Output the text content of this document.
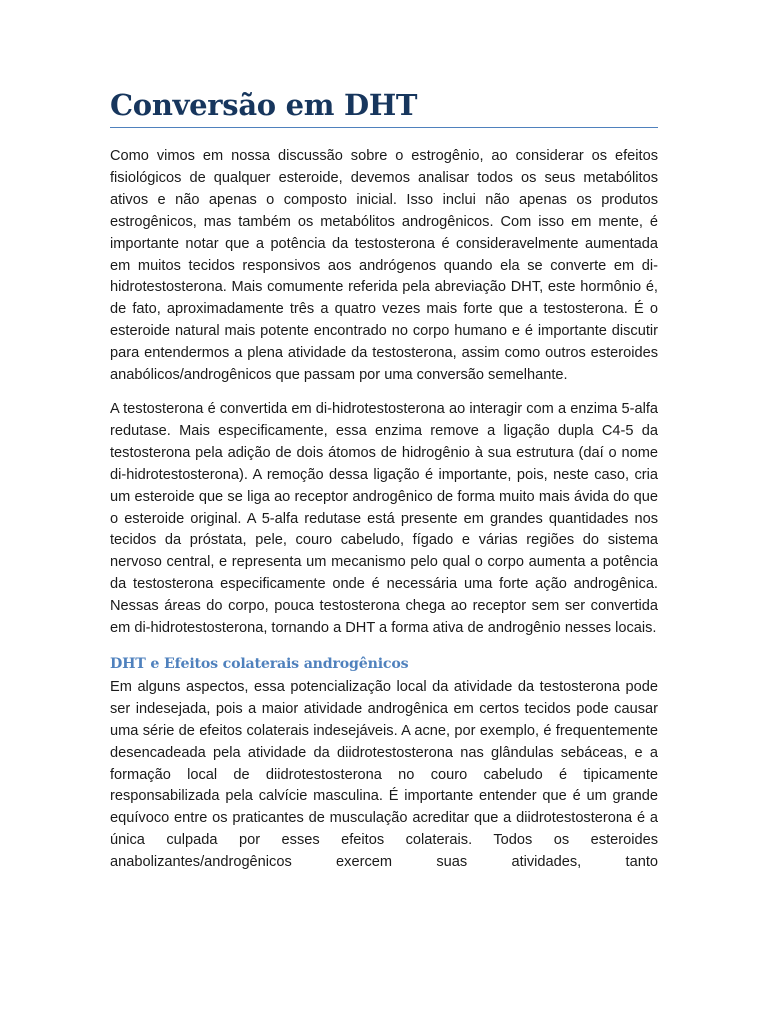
Conversão em DHT

Como vimos em nossa discussão sobre o estrogênio, ao considerar os efeitos fisiológicos de qualquer esteroide, devemos analisar todos os seus metabólitos ativos e não apenas o composto inicial. Isso inclui não apenas os produtos estrogênicos, mas também os metabólitos androgênicos. Com isso em mente, é importante notar que a potência da testosterona é consideravelmente aumentada em muitos tecidos responsivos aos andrógenos quando ela se converte em di-hidrotestosterona. Mais comumente referida pela abreviação DHT, este hormônio é, de fato, aproximadamente três a quatro vezes mais forte que a testosterona. É o esteroide natural mais potente encontrado no corpo humano e é importante discutir para entendermos a plena atividade da testosterona, assim como outros esteroides anabólicos/androgênicos que passam por uma conversão semelhante.

A testosterona é convertida em di-hidrotestosterona ao interagir com a enzima 5-alfa redutase. Mais especificamente, essa enzima remove a ligação dupla C4-5 da testosterona pela adição de dois átomos de hidrogênio à sua estrutura (daí o nome di-hidrotestosterona). A remoção dessa ligação é importante, pois, neste caso, cria um esteroide que se liga ao receptor androgênico de forma muito mais ávida do que o esteroide original. A 5-alfa redutase está presente em grandes quantidades nos tecidos da próstata, pele, couro cabeludo, fígado e várias regiões do sistema nervoso central, e representa um mecanismo pelo qual o corpo aumenta a potência da testosterona especificamente onde é necessária uma forte ação androgênica. Nessas áreas do corpo, pouca testosterona chega ao receptor sem ser convertida em di-hidrotestosterona, tornando a DHT a forma ativa de androgênio nesses locais.

DHT e Efeitos colaterais androgênicos

Em alguns aspectos, essa potencialização local da atividade da testosterona pode ser indesejada, pois a maior atividade androgênica em certos tecidos pode causar uma série de efeitos colaterais indesejáveis. A acne, por exemplo, é frequentemente desencadeada pela atividade da diidrotestosterona nas glândulas sebáceas, e a formação local de diidrotestosterona no couro cabeludo é tipicamente responsabilizada pela calvície masculina. É importante entender que é um grande equívoco entre os praticantes de musculação acreditar que a diidrotestosterona é a única culpada por esses efeitos colaterais. Todos os esteroides anabolizantes/androgênicos exercem suas atividades, tanto
